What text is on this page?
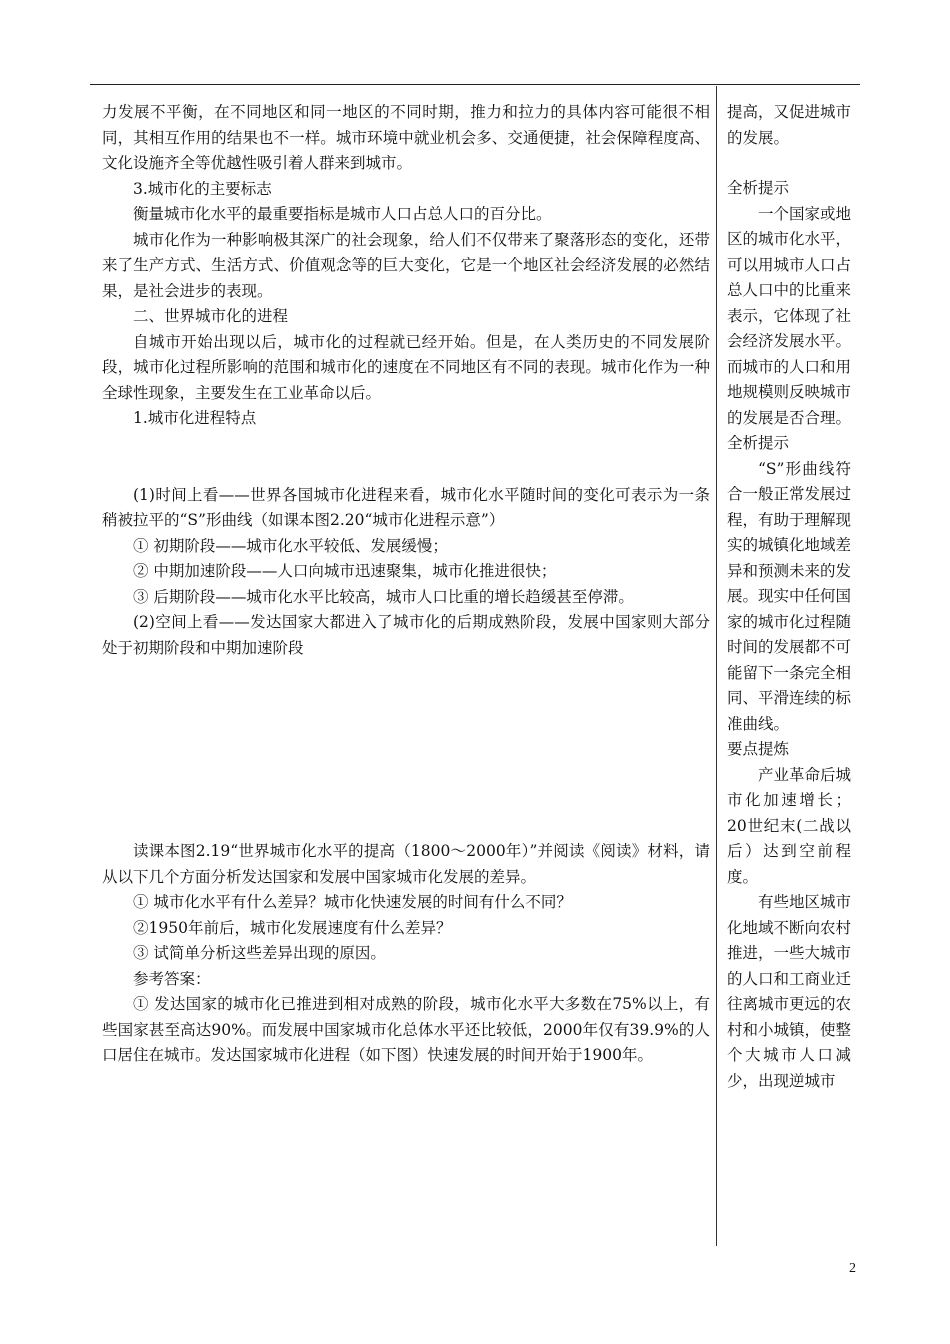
力发展不平衡，在不同地区和同一地区的不同时期，推力和拉力的具体内容可能很不相同，其相互作用的结果也不一样。城市环境中就业机会多、交通便捷，社会保障程度高、文化设施齐全等优越性吸引着人群来到城市。

3.城市化的主要标志

衡量城市化水平的最重要指标是城市人口占总人口的百分比。

城市化作为一种影响极其深广的社会现象，给人们不仅带来了聚落形态的变化，还带来了生产方式、生活方式、价值观念等的巨大变化，它是一个地区社会经济发展的必然结果，是社会进步的表现。

二、世界城市化的进程

自城市开始出现以后，城市化的过程就已经开始。但是，在人类历史的不同发展阶段，城市化过程所影响的范围和城市化的速度在不同地区有不同的表现。城市化作为一种全球性现象，主要发生在工业革命以后。

1.城市化进程特点

(1)时间上看——世界各国城市化进程来看，城市化水平随时间的变化可表示为一条稍被拉平的“S”形曲线（如课本图2.20“城市化进程示意”）

① 初期阶段——城市化水平较低、发展缓慢；

② 中期加速阶段——人口向城市迅速聚集，城市化推进很快；

③ 后期阶段——城市化水平比较高，城市人口比重的增长趋缓甚至停滞。

(2)空间上看——发达国家大都进入了城市化的后期成熟阶段，发展中国家则大部分处于初期阶段和中期加速阶段

读课本图2.19“世界城市化水平的提高（1800～2000年）”并阅读《阅读》材料，请从以下几个方面分析发达国家和发展中国家城市化发展的差异。

① 城市化水平有什么差异？城市化快速发展的时间有什么不同？

②1950年前后，城市化发展速度有什么差异？

③ 试简单分析这些差异出现的原因。

参考答案：

① 发达国家的城市化已推进到相对成熟的阶段，城市化水平大多数在75%以上，有些国家甚至高达90%。而发展中国家城市化总体水平还比较低，2000年仅有39.9%的人口居住在城市。发达国家城市化进程（如下图）快速发展的时间开始于1900年。

提高，又促进城市的发展。

全析提示

一个国家或地区的城市化水平，可以用城市人口占总人口中的比重来表示，它体现了社会经济发展水平。而城市的人口和用地规模则反映城市的发展是否合理。

全析提示

“S”形曲线符合一般正常发展过程，有助于理解现实的城镇化地域差异和预测未来的发展。现实中任何国家的城市化过程随时间的发展都不可能留下一条完全相同、平滑连续的标准曲线。

要点提炼

产业革命后城市化加速增长；20世纪末(二战以后）达到空前程度。

有些地区城市化地域不断向农村推进，一些大城市的人口和工商业迁往离城市更远的农村和小城镇，使整个大城市人口减少，出现逆城市

2
